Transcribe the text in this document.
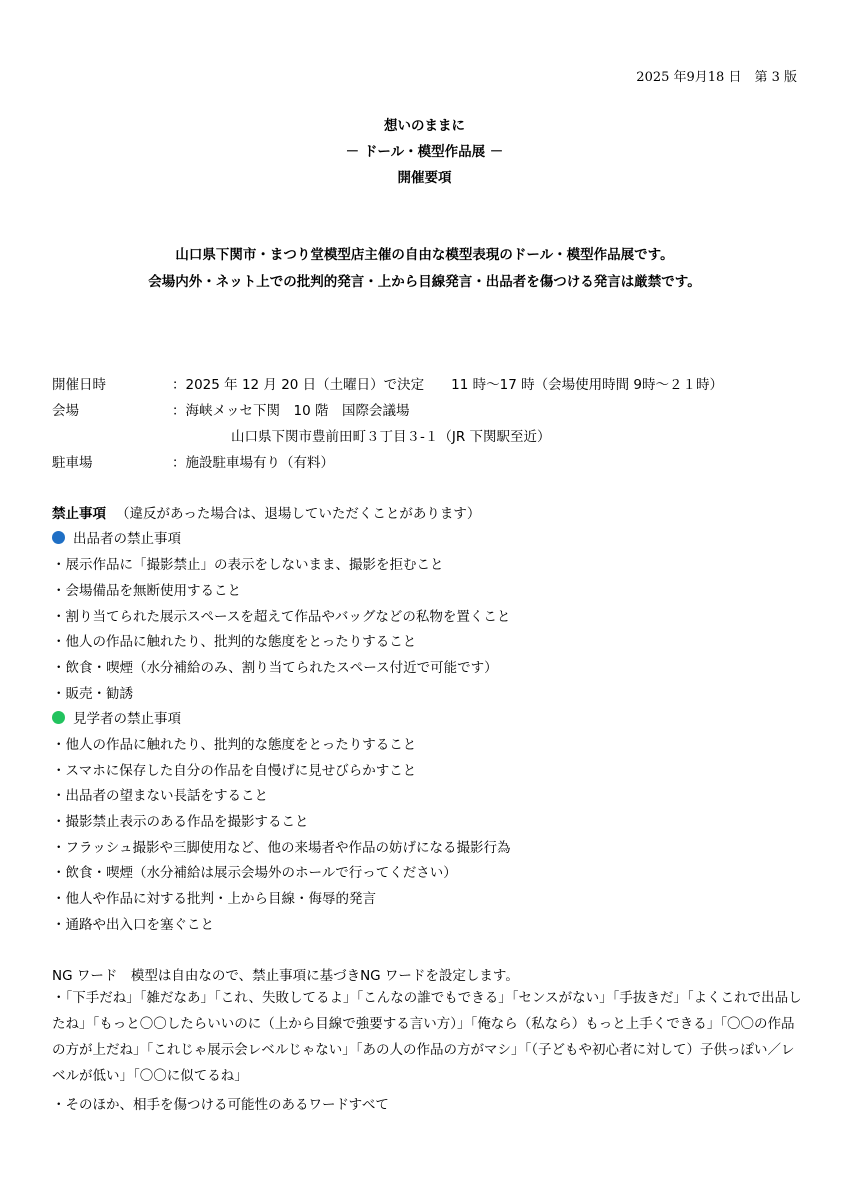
2025 年9月18 日　第 3 版
想いのままに
－ ドール・模型作品展 －
開催要項
山口県下関市・まつり堂模型店主催の自由な模型表現のドール・模型作品展です。
会場内外・ネット上での批判的発言・上から目線発言・出品者を傷つける発言は厳禁です。
開催日時	：2025 年 12 月 20 日（土曜日）で決定　　11 時～17 時（会場使用時間 9時～２１時）
会場	：海峡メッセ下関　10 階　国際会議場
山口県下関市豊前田町３丁目３-１（JR 下関駅至近）
駐車場	：施設駐車場有り（有料）
禁止事項 （違反があった場合は、退場していただくことがあります）
出品者の禁止事項
・展示作品に「撮影禁止」の表示をしないまま、撮影を拒むこと
・会場備品を無断使用すること
・割り当てられた展示スペースを超えて作品やバッグなどの私物を置くこと
・他人の作品に触れたり、批判的な態度をとったりすること
・飲食・喫煙（水分補給のみ、割り当てられたスペース付近で可能です）
・販売・勧誘
見学者の禁止事項
・他人の作品に触れたり、批判的な態度をとったりすること
・スマホに保存した自分の作品を自慢げに見せびらかすこと
・出品者の望まない長話をすること
・撮影禁止表示のある作品を撮影すること
・フラッシュ撮影や三脚使用など、他の来場者や作品の妨げになる撮影行為
・飲食・喫煙（水分補給は展示会場外のホールで行ってください）
・他人や作品に対する批判・上から目線・侮辱的発言
・通路や出入口を塞ぐこと
NG ワード　模型は自由なので、禁止事項に基づきNG ワードを設定します。
・「下手だね」「雑だなあ」「これ、失敗してるよ」「こんなの誰でもできる」「センスがない」「手抜きだ」「よくこれで出品したね」「もっと〇〇したらいいのに（上から目線で強要する言い方）」「俺なら（私なら）もっと上手くできる」「〇〇の作品の方が上だね」「これじゃ展示会レベルじゃない」「あの人の作品の方がマシ」「（子どもや初心者に対して）子供っぽい／レベルが低い」「〇〇に似てるね」
・そのほか、相手を傷つける可能性のあるワードすべて
